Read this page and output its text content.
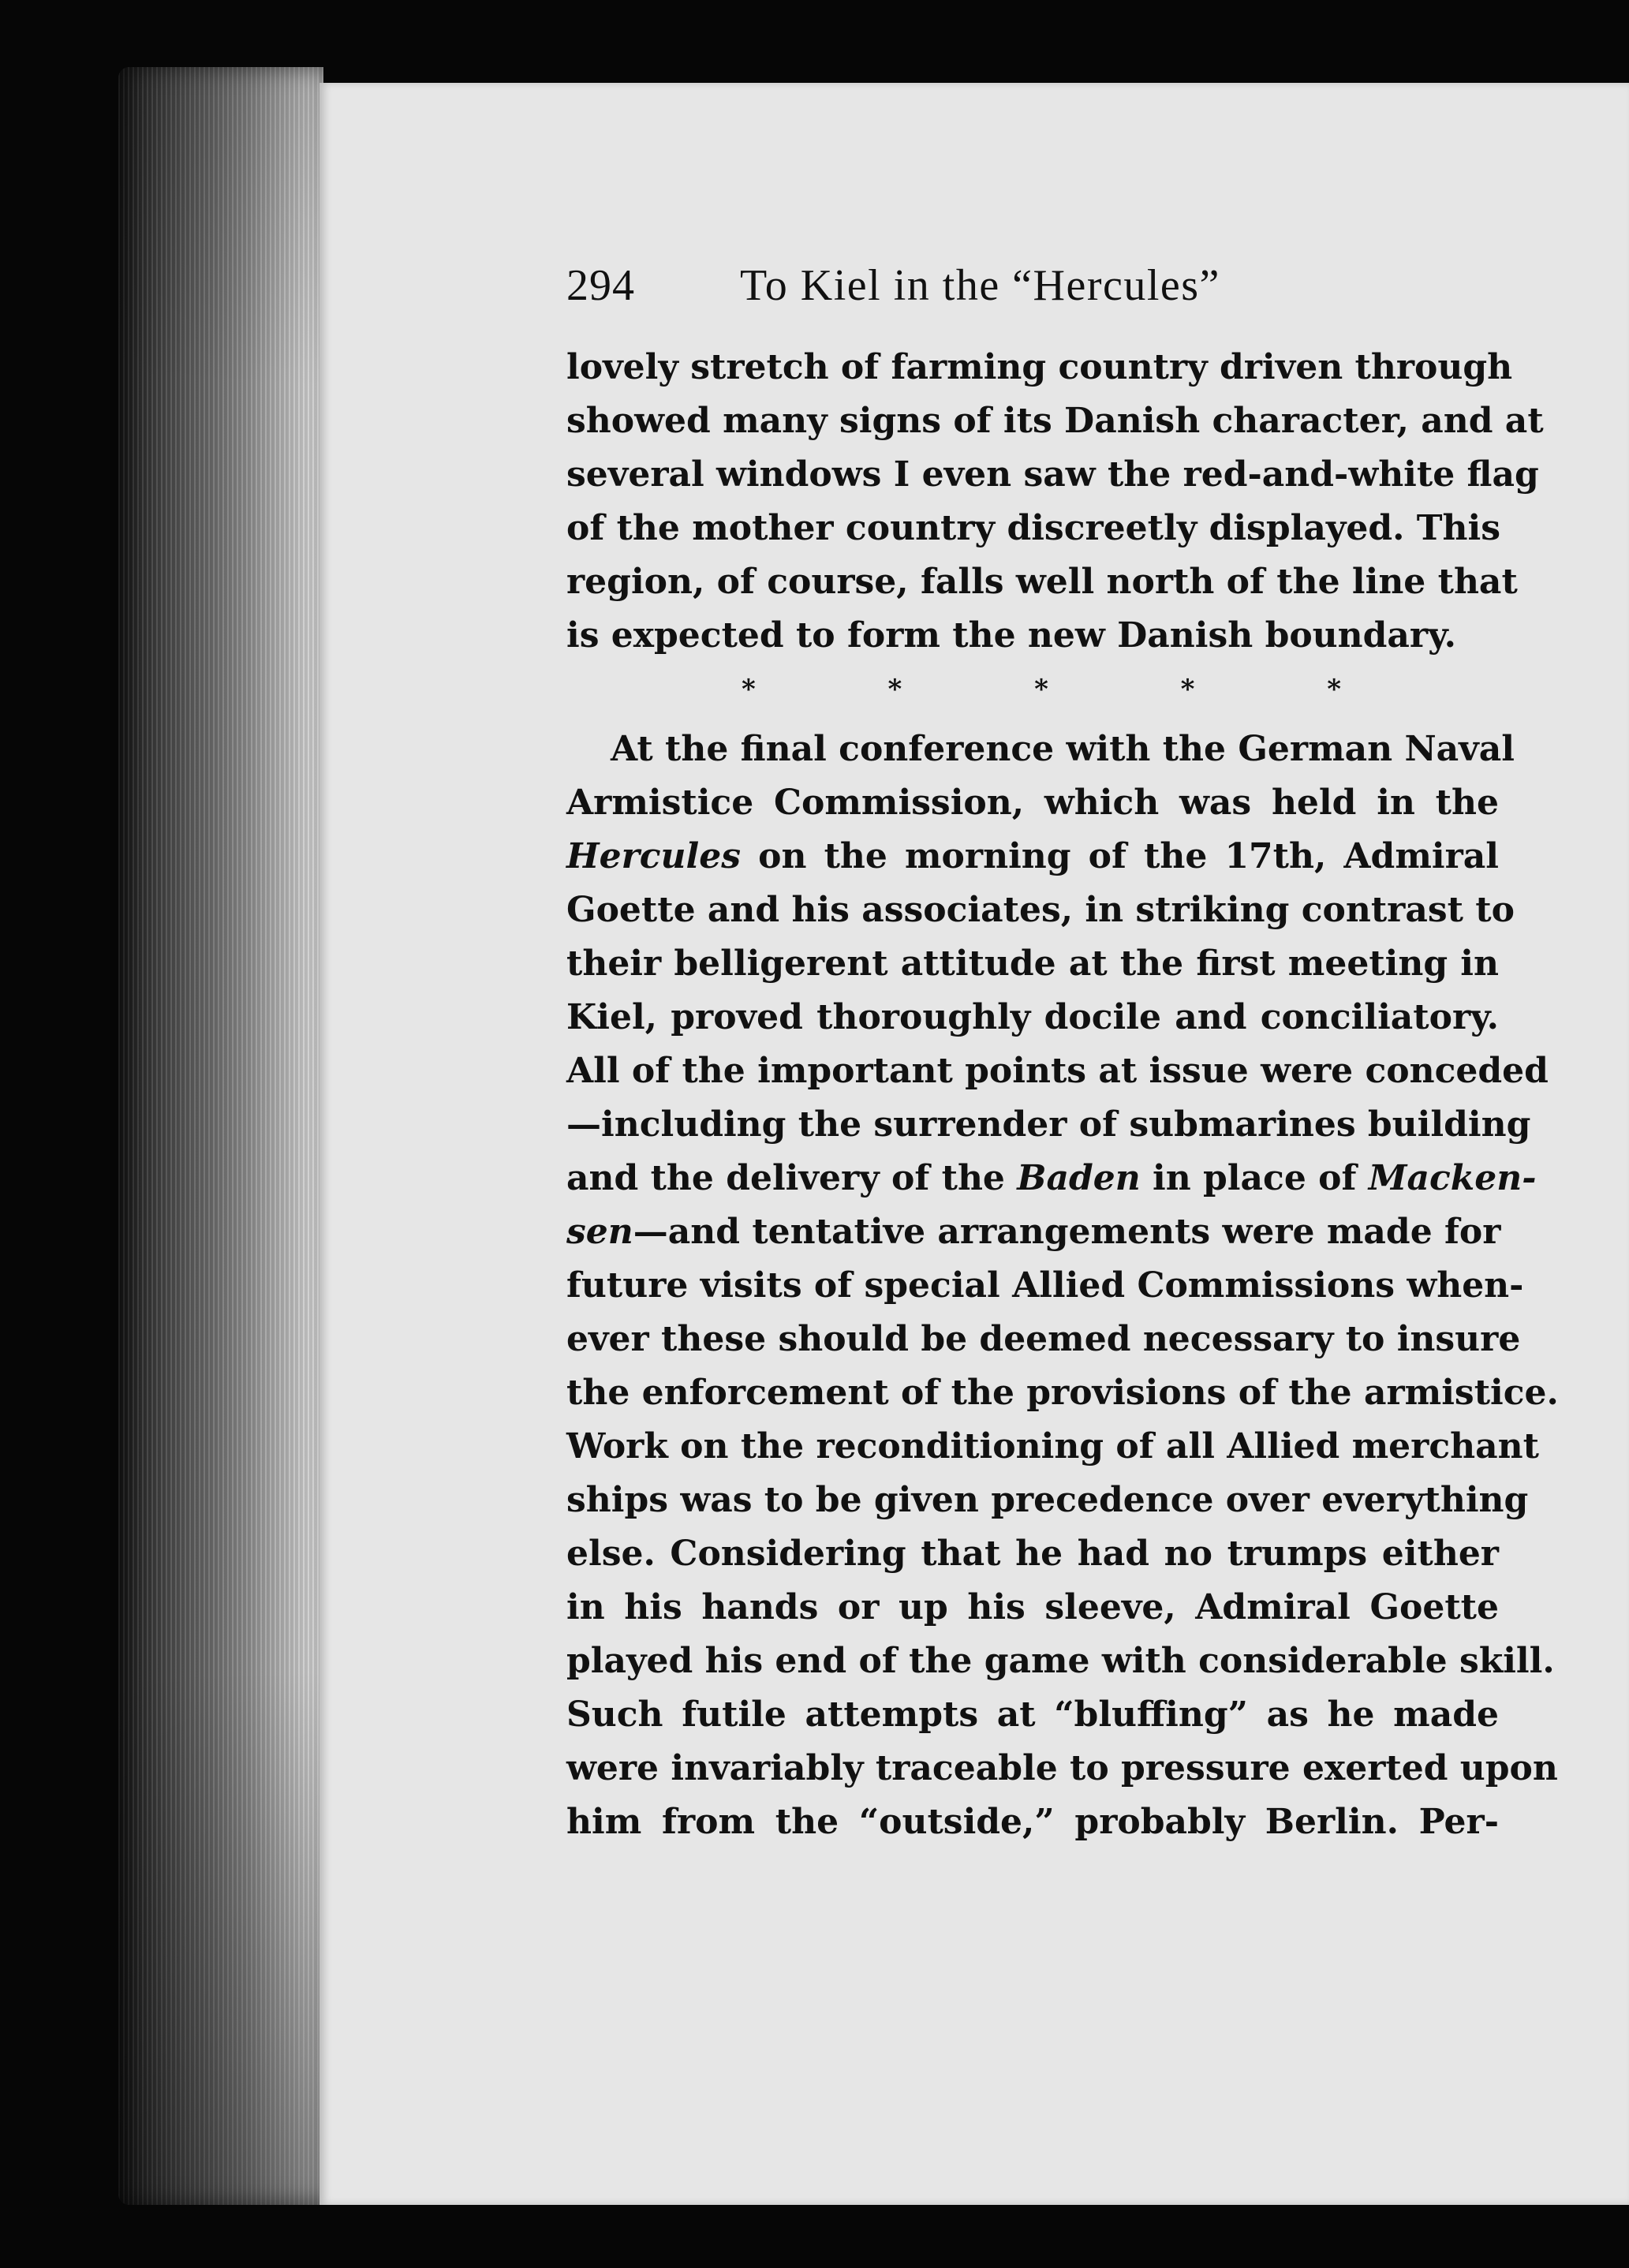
294 To Kiel in the “Hercules”
lovely stretch of farming country driven through
showed many signs of its Danish character, and at
several windows I even saw the red-and-white flag
of the mother country discreetly displayed. This
region, of course, falls well north of the line that
is expected to form the new Danish boundary.
*	*	*	*	*
At the final conference with the German Naval
Armistice Commission, which was held in the
Hercules on the morning of the 17th, Admiral
Goette and his associates, in striking contrast to
their belligerent attitude at the first meeting in
Kiel, proved thoroughly docile and conciliatory.
All of the important points at issue were conceded
—including the surrender of submarines building
and the delivery of the Baden in place of Macken-
sen—and tentative arrangements were made for
future visits of special Allied Commissions when-
ever these should be deemed necessary to insure
the enforcement of the provisions of the armistice.
Work on the reconditioning of all Allied merchant
ships was to be given precedence over everything
else. Considering that he had no trumps either
in his hands or up his sleeve, Admiral Goette
played his end of the game with considerable skill.
Such futile attempts at “bluffing” as he made
were invariably traceable to pressure exerted upon
him from the “outside,” probably Berlin. Per-
